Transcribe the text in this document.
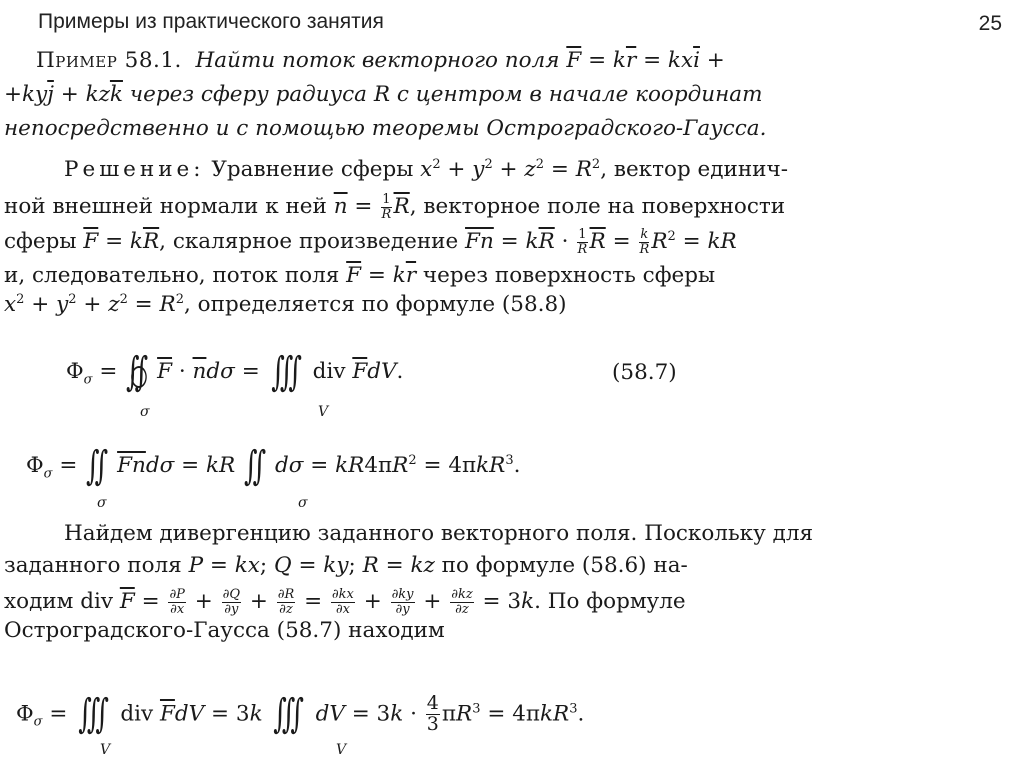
Примеры из практического занятия	25
Пример 58.1.  Найти поток векторного поля $\overline{F} = k\overline{r} = kx\overline{i}$ +
$+ky\overline{j} + kz\overline{k}$ через сферу радиуса R с центром в начале координат
непосредственно и с помощью теоремы Остроградского-Гаусса.
Решение: Уравнение сферы $x^2 + y^2 + z^2 = R^2$, вектор единич-
ной внешней нормали к ней $\overline{n} = \frac{1}{R} \overline{R}$, векторное поле на поверхности
сферы $\overline{F} = k\overline{R}$, скалярное произведение $\overline{Fn} = k\overline{R} \cdot \frac{1}{R} \overline{R} = \frac{k}{R} R^2$ = kR
и, следовательно, поток поля $\overline{F} = k\overline{r}$ через поверхность сферы
$x^2 + y^2 + z^2 = R^2$, определяется по формуле (58.8)
$\Phi_\sigma$ = ∬ $\overline{F} \cdot \overline{n}d\sigma$ = ∭ div $\overline{F}dV$.
σ	V
(58.7)
$\Phi_\sigma$ = ∬ $\overline{Fn}d\sigma$ = kR ∬ $d\sigma = kR4\pi R^2 = 4\pi kR^3$.
σ	σ
Найдем дивергенцию заданного векторного поля. Поскольку для
заданного поля P = kx; Q = ky; R = kz по формуле (58.6) на-
ходим div $\overline{F} = \frac{\partial P}{\partial x} + \frac{\partial Q}{\partial y} + \frac{\partial R}{\partial z} = \frac{\partial kx}{\partial x} + \frac{\partial ky}{\partial y} + \frac{\partial kz}{\partial z} = 3k$. По формуле
Остроградского-Гаусса (58.7) находим
$\Phi_\sigma$ = ∭ div $\overline{F}dV = 3k$ ∭ dV = $3k \cdot \frac{4}{3} \pi R^3 = 4\pi kR^3$.
V	V
